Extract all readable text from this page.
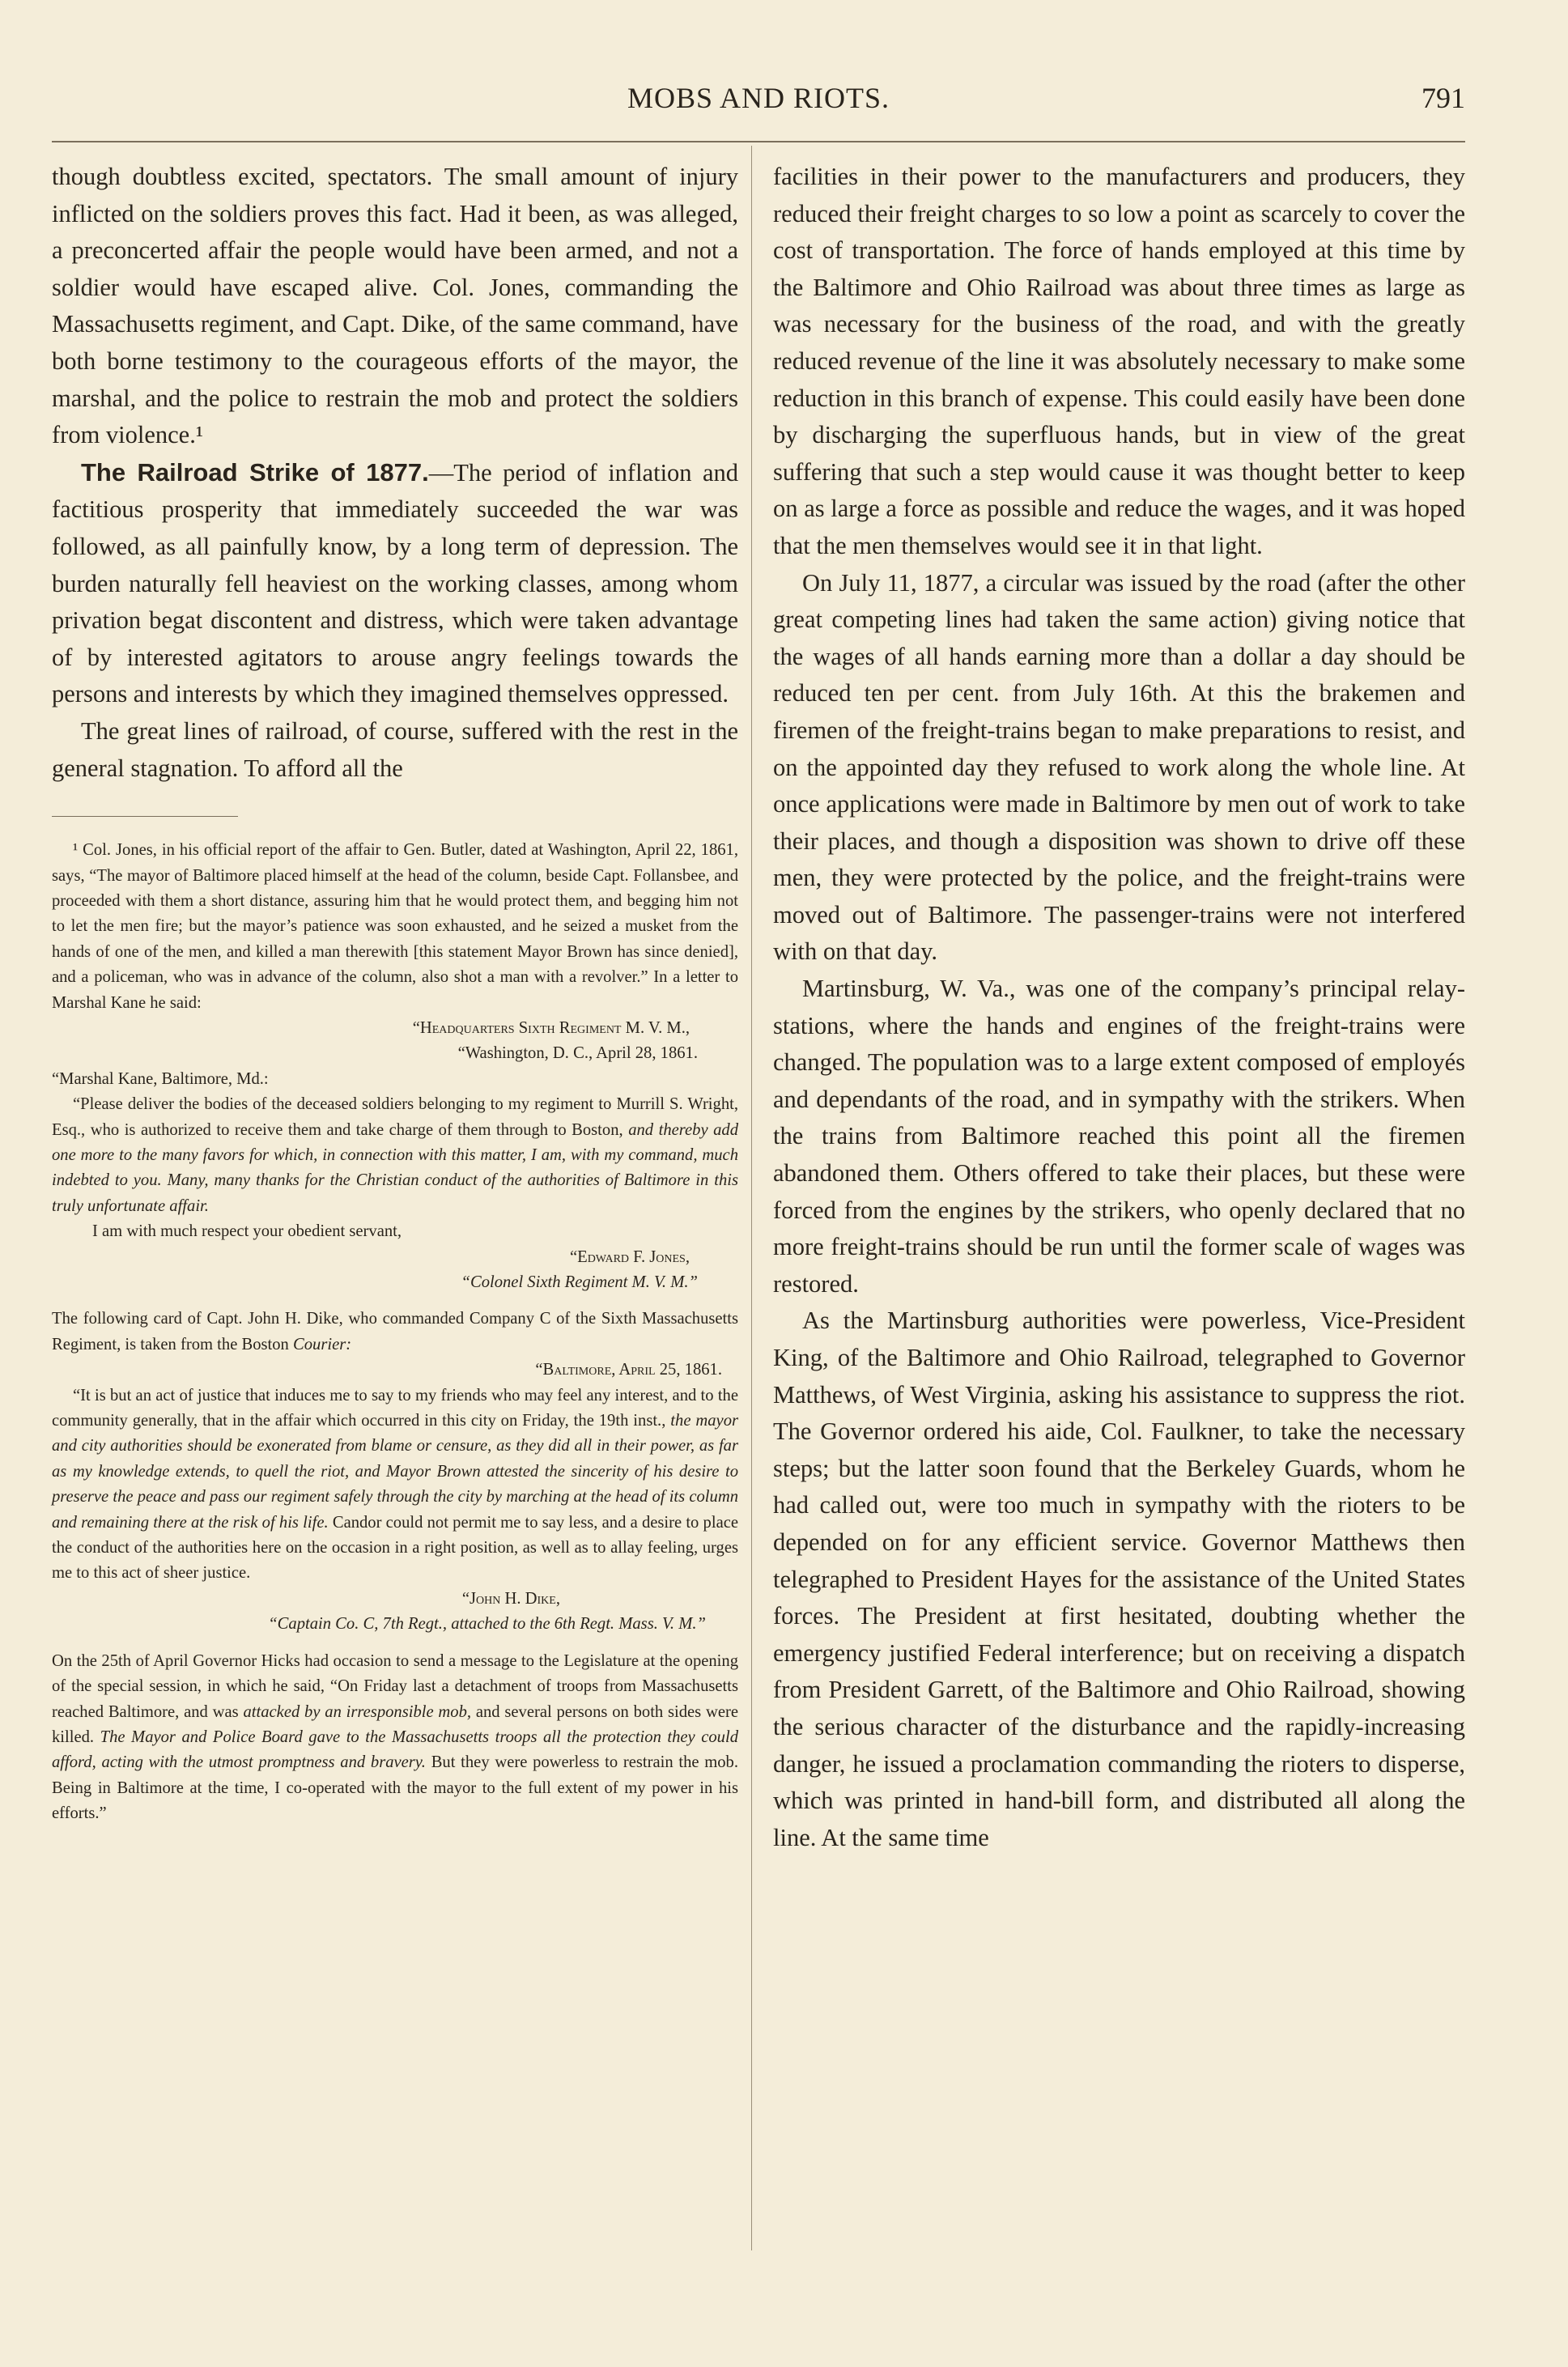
MOBS AND RIOTS.	791

though doubtless excited, spectators. The small amount of injury inflicted on the soldiers proves this fact. Had it been, as was alleged, a preconcerted affair the people would have been armed, and not a soldier would have escaped alive. Col. Jones, commanding the Massachusetts regiment, and Capt. Dike, of the same command, have both borne testimony to the courageous efforts of the mayor, the marshal, and the police to restrain the mob and protect the soldiers from violence.¹

The Railroad Strike of 1877.—The period of inflation and factitious prosperity that immediately succeeded the war was followed, as all painfully know, by a long term of depression. The burden naturally fell heaviest on the working classes, among whom privation begat discontent and distress, which were taken advantage of by interested agitators to arouse angry feelings towards the persons and interests by which they imagined themselves oppressed.

The great lines of railroad, of course, suffered with the rest in the general stagnation. To afford all the

¹ Col. Jones, in his official report of the affair to Gen. Butler, dated at Washington, April 22, 1861, says, “The mayor of Baltimore placed himself at the head of the column, beside Capt. Follansbee, and proceeded with them a short distance, assuring him that he would protect them, and begging him not to let the men fire; but the mayor’s patience was soon exhausted, and he seized a musket from the hands of one of the men, and killed a man therewith [this statement Mayor Brown has since denied], and a policeman, who was in advance of the column, also shot a man with a revolver.” In a letter to Marshal Kane he said:

“Headquarters Sixth Regiment M. V. M.,

“Washington, D. C., April 28, 1861.

“Marshal Kane, Baltimore, Md.:

“Please deliver the bodies of the deceased soldiers belonging to my regiment to Murrill S. Wright, Esq., who is authorized to receive them and take charge of them through to Boston, and thereby add one more to the many favors for which, in connection with this matter, I am, with my command, much indebted to you. Many, many thanks for the Christian conduct of the authorities of Baltimore in this truly unfortunate affair.

I am with much respect your obedient servant,

“Edward F. Jones,

“Colonel Sixth Regiment M. V. M.”

The following card of Capt. John H. Dike, who commanded Company C of the Sixth Massachusetts Regiment, is taken from the Boston Courier:

“Baltimore, April 25, 1861.

“It is but an act of justice that induces me to say to my friends who may feel any interest, and to the community generally, that in the affair which occurred in this city on Friday, the 19th inst., the mayor and city authorities should be exonerated from blame or censure, as they did all in their power, as far as my knowledge extends, to quell the riot, and Mayor Brown attested the sincerity of his desire to preserve the peace and pass our regiment safely through the city by marching at the head of its column and remaining there at the risk of his life. Candor could not permit me to say less, and a desire to place the conduct of the authorities here on the occasion in a right position, as well as to allay feeling, urges me to this act of sheer justice.

“John H. Dike,

“Captain Co. C, 7th Regt., attached to the 6th Regt. Mass. V. M.”

On the 25th of April Governor Hicks had occasion to send a message to the Legislature at the opening of the special session, in which he said, “On Friday last a detachment of troops from Massachusetts reached Baltimore, and was attacked by an irresponsible mob, and several persons on both sides were killed. The Mayor and Police Board gave to the Massachusetts troops all the protection they could afford, acting with the utmost promptness and bravery. But they were powerless to restrain the mob. Being in Baltimore at the time, I co-operated with the mayor to the full extent of my power in his efforts.”

facilities in their power to the manufacturers and producers, they reduced their freight charges to so low a point as scarcely to cover the cost of transportation. The force of hands employed at this time by the Baltimore and Ohio Railroad was about three times as large as was necessary for the business of the road, and with the greatly reduced revenue of the line it was absolutely necessary to make some reduction in this branch of expense. This could easily have been done by discharging the superfluous hands, but in view of the great suffering that such a step would cause it was thought better to keep on as large a force as possible and reduce the wages, and it was hoped that the men themselves would see it in that light.

On July 11, 1877, a circular was issued by the road (after the other great competing lines had taken the same action) giving notice that the wages of all hands earning more than a dollar a day should be reduced ten per cent. from July 16th. At this the brakemen and firemen of the freight-trains began to make preparations to resist, and on the appointed day they refused to work along the whole line. At once applications were made in Baltimore by men out of work to take their places, and though a disposition was shown to drive off these men, they were protected by the police, and the freight-trains were moved out of Baltimore. The passenger-trains were not interfered with on that day.

Martinsburg, W. Va., was one of the company’s principal relay-stations, where the hands and engines of the freight-trains were changed. The population was to a large extent composed of employés and dependants of the road, and in sympathy with the strikers. When the trains from Baltimore reached this point all the firemen abandoned them. Others offered to take their places, but these were forced from the engines by the strikers, who openly declared that no more freight-trains should be run until the former scale of wages was restored.

As the Martinsburg authorities were powerless, Vice-President King, of the Baltimore and Ohio Railroad, telegraphed to Governor Matthews, of West Virginia, asking his assistance to suppress the riot. The Governor ordered his aide, Col. Faulkner, to take the necessary steps; but the latter soon found that the Berkeley Guards, whom he had called out, were too much in sympathy with the rioters to be depended on for any efficient service. Governor Matthews then telegraphed to President Hayes for the assistance of the United States forces. The President at first hesitated, doubting whether the emergency justified Federal interference; but on receiving a dispatch from President Garrett, of the Baltimore and Ohio Railroad, showing the serious character of the disturbance and the rapidly-increasing danger, he issued a proclamation commanding the rioters to disperse, which was printed in hand-bill form, and distributed all along the line. At the same time
